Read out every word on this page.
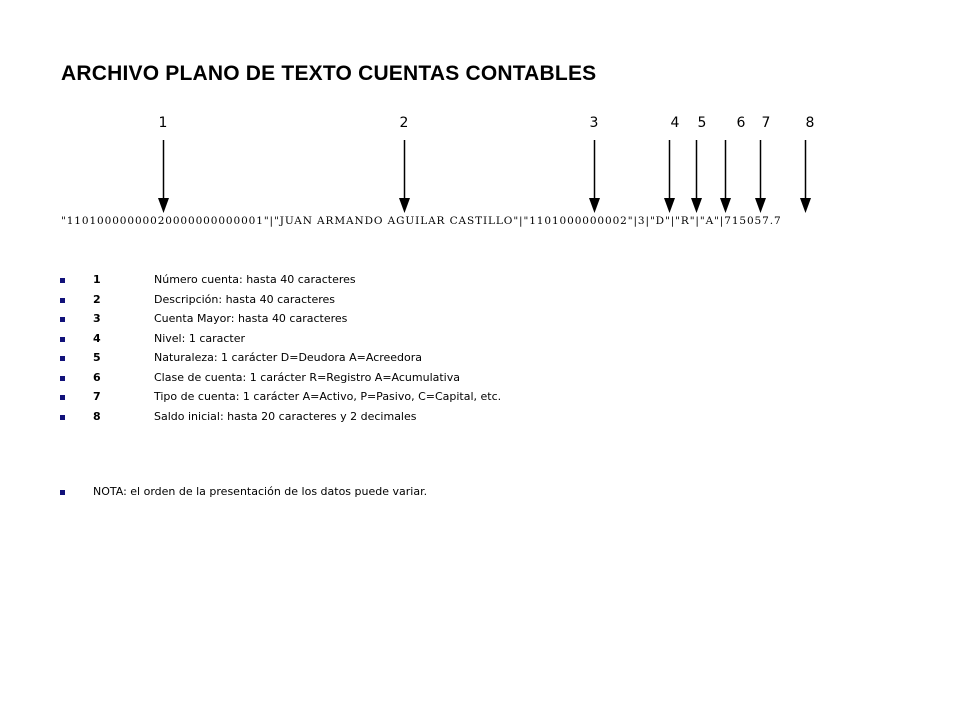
ARCHIVO PLANO DE TEXTO CUENTAS CONTABLES
1	2	3	4	5	6	7	8
"11010000000020000000000001"|"JUAN ARMANDO AGUILAR CASTILLO"|"1101000000002"|3|"D"|"R"|"A"|715057.7
1	Número cuenta: hasta 40 caracteres
2	Descripción: hasta 40 caracteres
3	Cuenta Mayor: hasta 40 caracteres
4	Nivel: 1 caracter
5	Naturaleza: 1 carácter D=Deudora A=Acreedora
6	Clase de cuenta: 1 carácter R=Registro A=Acumulativa
7	Tipo de cuenta: 1 carácter A=Activo, P=Pasivo, C=Capital, etc.
8	Saldo inicial: hasta 20 caracteres y 2 decimales
NOTA: el orden de la presentación de los datos puede variar.
